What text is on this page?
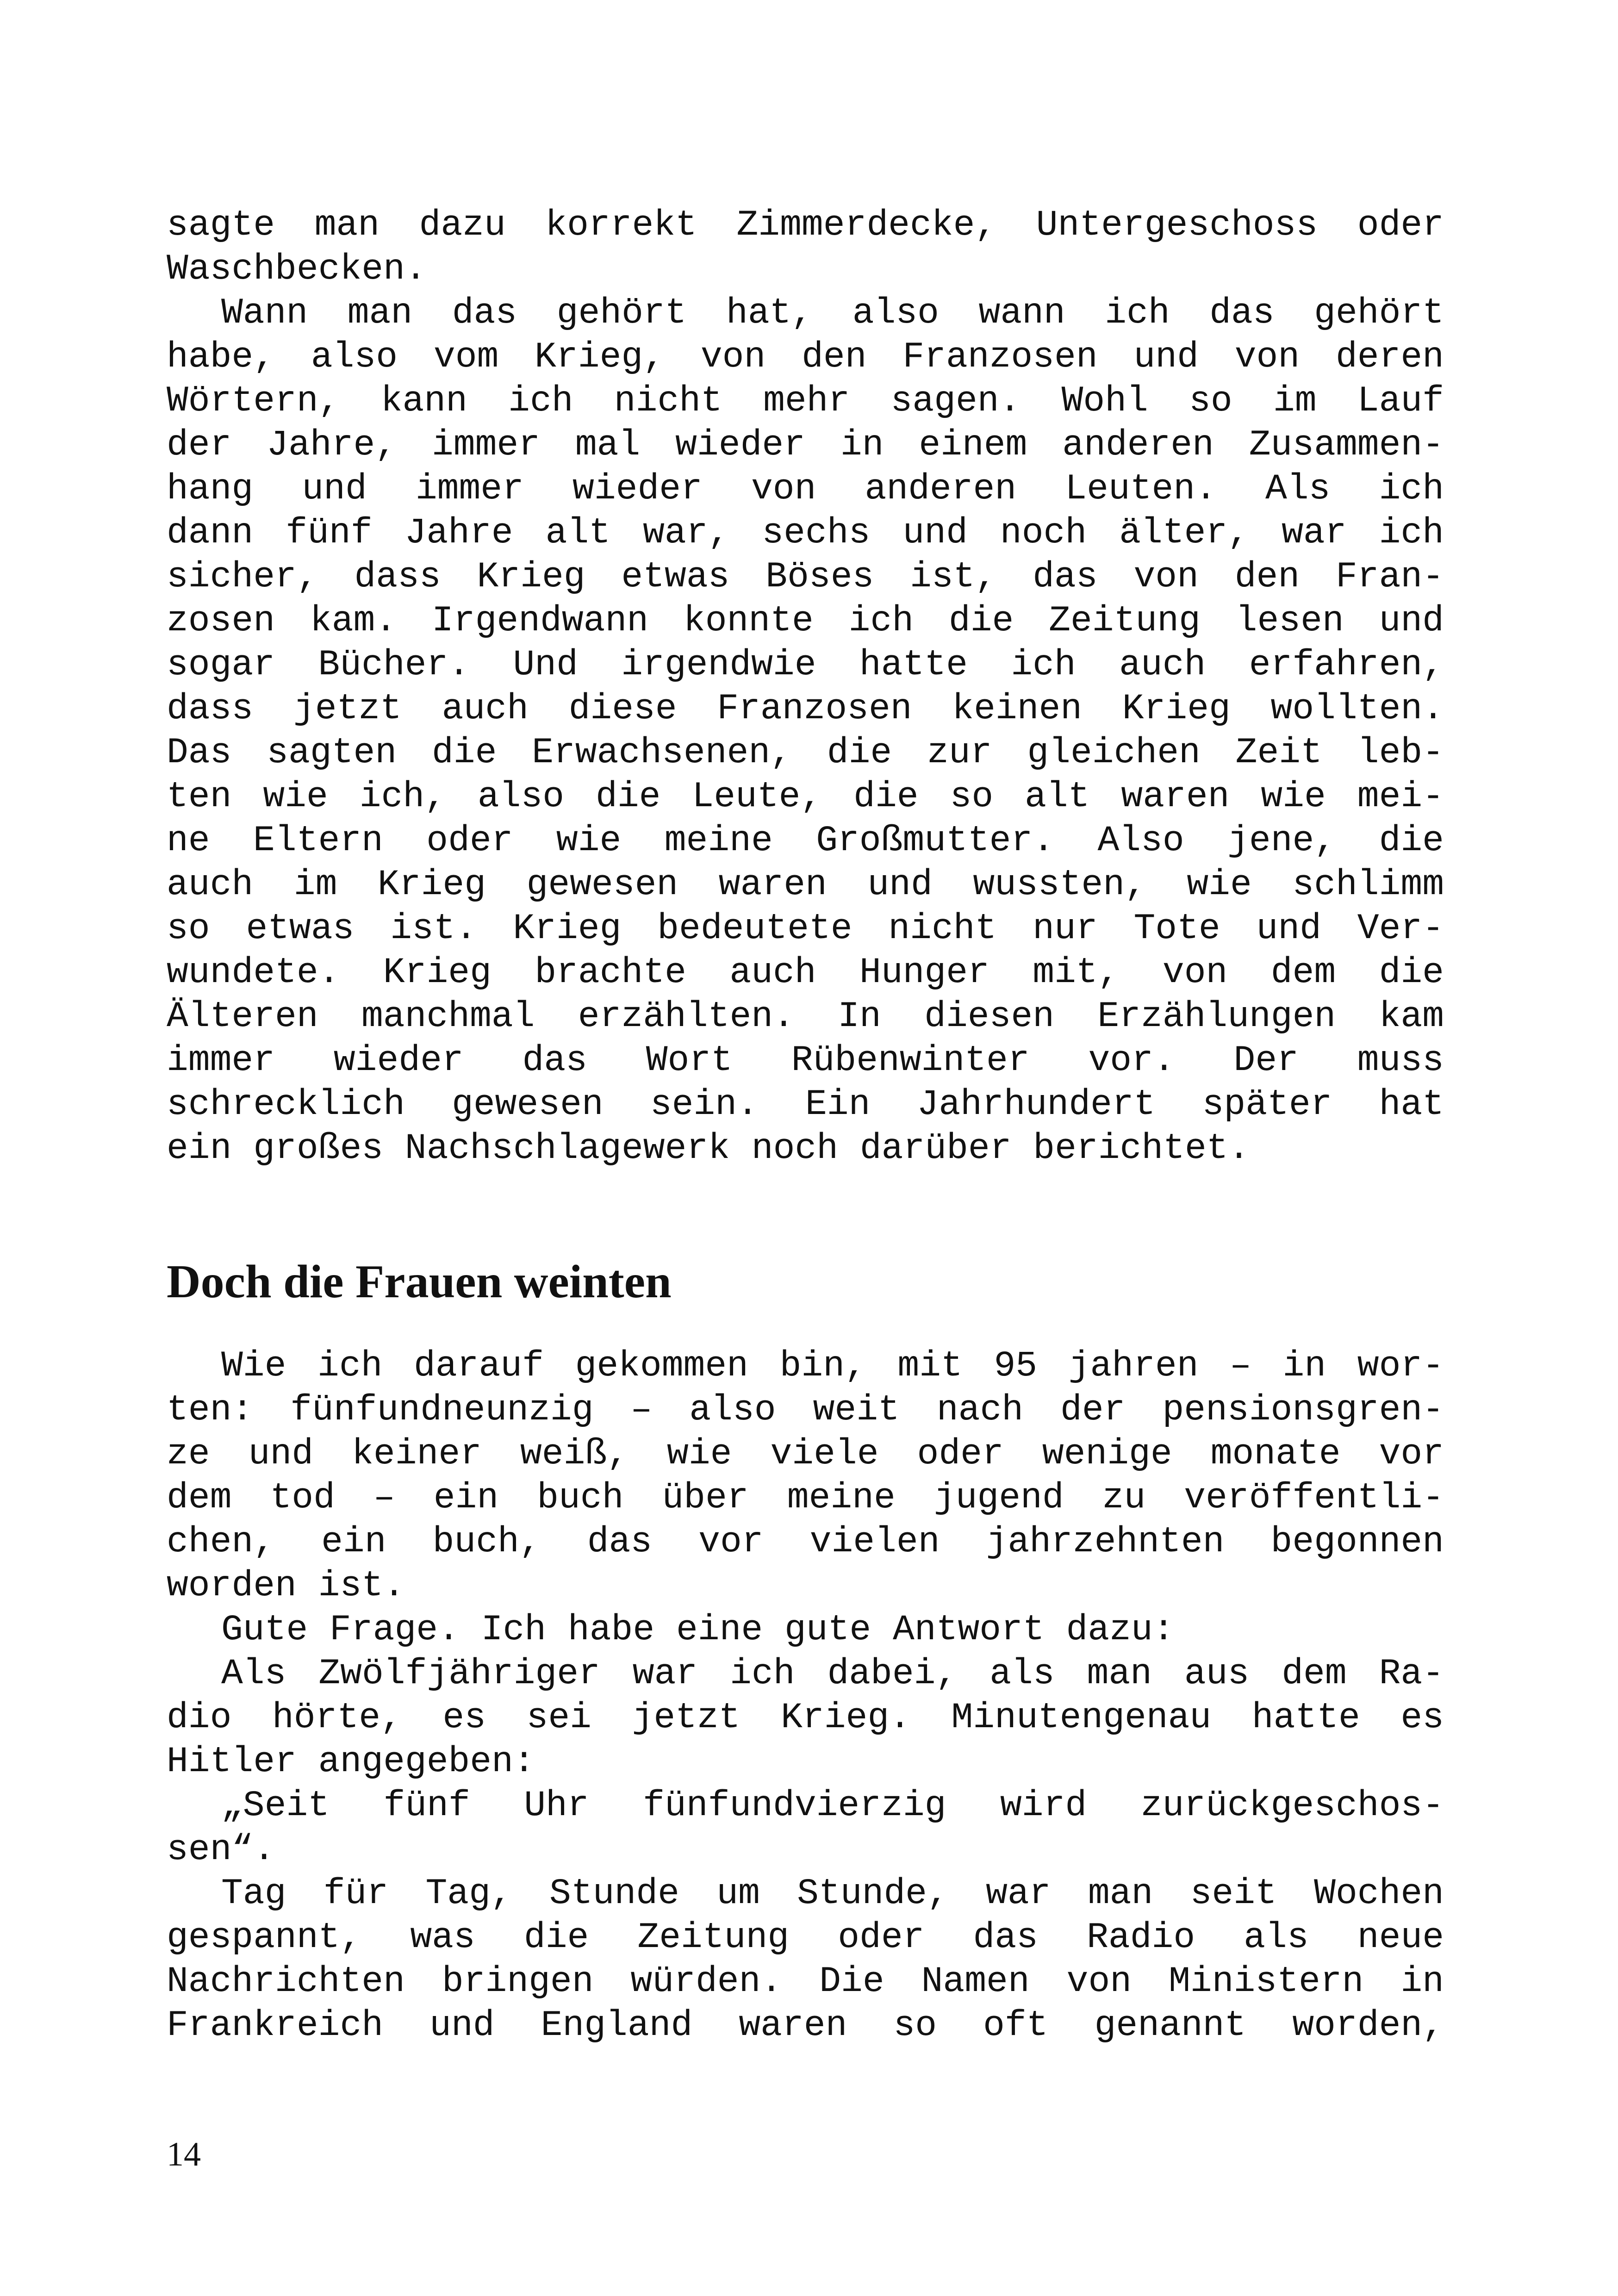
sagte man dazu korrekt Zimmerdecke, Untergeschoss oder
Waschbecken.
Wann man das gehört hat, also wann ich das gehört
habe, also vom Krieg, von den Franzosen und von deren
Wörtern, kann ich nicht mehr sagen. Wohl so im Lauf
der Jahre, immer mal wieder in einem anderen Zusammen-
hang und immer wieder von anderen Leuten. Als ich
dann fünf Jahre alt war, sechs und noch älter, war ich
sicher, dass Krieg etwas Böses ist, das von den Fran-
zosen kam. Irgendwann konnte ich die Zeitung lesen und
sogar Bücher. Und irgendwie hatte ich auch erfahren,
dass jetzt auch diese Franzosen keinen Krieg wollten.
Das sagten die Erwachsenen, die zur gleichen Zeit leb-
ten wie ich, also die Leute, die so alt waren wie mei-
ne Eltern oder wie meine Großmutter. Also jene, die
auch im Krieg gewesen waren und wussten, wie schlimm
so etwas ist. Krieg bedeutete nicht nur Tote und Ver-
wundete. Krieg brachte auch Hunger mit, von dem die
Älteren manchmal erzählten. In diesen Erzählungen kam
immer wieder das Wort Rübenwinter vor. Der muss
schrecklich gewesen sein. Ein Jahrhundert später hat
ein großes Nachschlagewerk noch darüber berichtet.
Doch die Frauen weinten
Wie ich darauf gekommen bin, mit 95 jahren – in wor-
ten: fünfundneunzig – also weit nach der pensionsgren-
ze und keiner weiß, wie viele oder wenige monate vor
dem tod – ein buch über meine jugend zu veröffentli-
chen, ein buch, das vor vielen jahrzehnten begonnen
worden ist.
Gute Frage. Ich habe eine gute Antwort dazu:
Als Zwölfjähriger war ich dabei, als man aus dem Ra-
dio hörte, es sei jetzt Krieg. Minutengenau hatte es
Hitler angegeben:
„Seit fünf Uhr fünfundvierzig wird zurückgeschos-
sen“.
Tag für Tag, Stunde um Stunde, war man seit Wochen
gespannt, was die Zeitung oder das Radio als neue
Nachrichten bringen würden. Die Namen von Ministern in
Frankreich und England waren so oft genannt worden,
14
